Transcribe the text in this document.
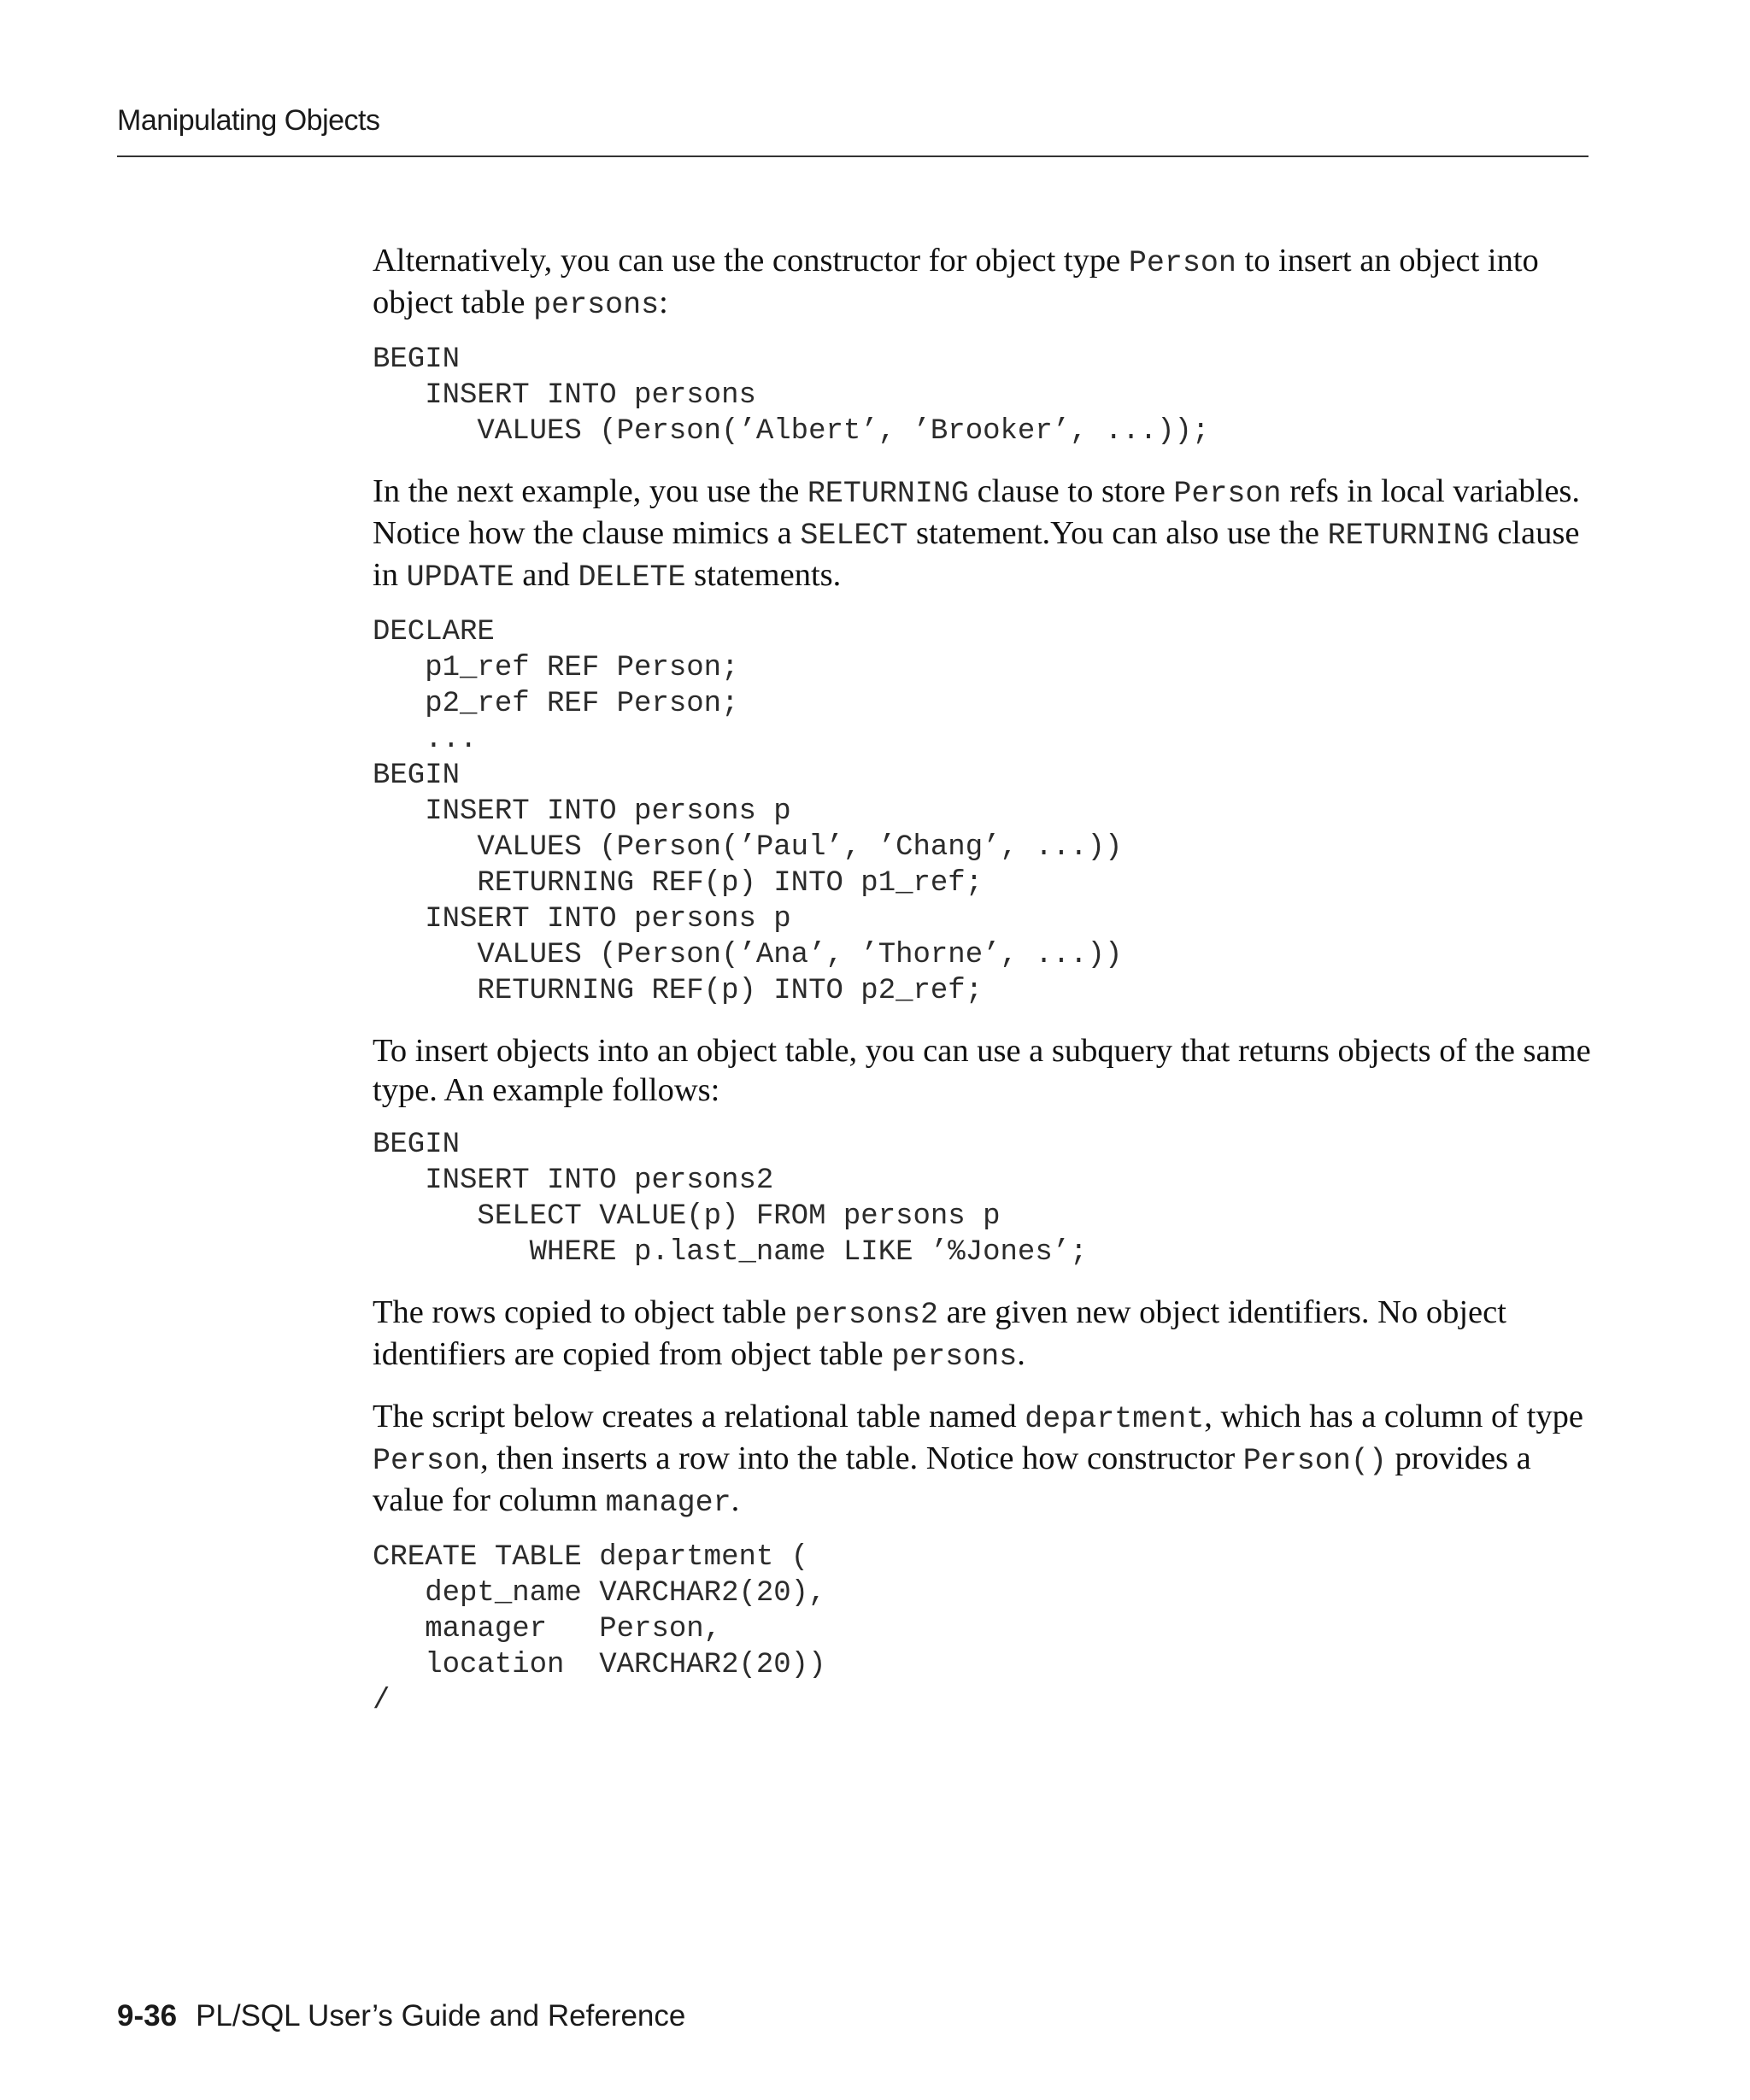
Manipulating Objects

Alternatively, you can use the constructor for object type Person to insert an object into object table persons:

BEGIN
INSERT INTO persons
VALUES (Person(’Albert’, ’Brooker’, ...));

In the next example, you use the RETURNING clause to store Person refs in local variables. Notice how the clause mimics a SELECT statement.You can also use the RETURNING clause in UPDATE and DELETE statements.

DECLARE
p1_ref REF Person;
p2_ref REF Person;
...
BEGIN
INSERT INTO persons p
VALUES (Person(’Paul’, ’Chang’, ...))
RETURNING REF(p) INTO p1_ref;
INSERT INTO persons p
VALUES (Person(’Ana’, ’Thorne’, ...))
RETURNING REF(p) INTO p2_ref;

To insert objects into an object table, you can use a subquery that returns objects of the same type. An example follows:

BEGIN
INSERT INTO persons2
SELECT VALUE(p) FROM persons p
WHERE p.last_name LIKE ’%Jones’;

The rows copied to object table persons2 are given new object identifiers. No object identifiers are copied from object table persons.

The script below creates a relational table named department, which has a column of type Person, then inserts a row into the table. Notice how constructor Person() provides a value for column manager.

CREATE TABLE department (
dept_name VARCHAR2(20),
manager   Person,
location  VARCHAR2(20))
/
9-36 PL/SQL User’s Guide and Reference
